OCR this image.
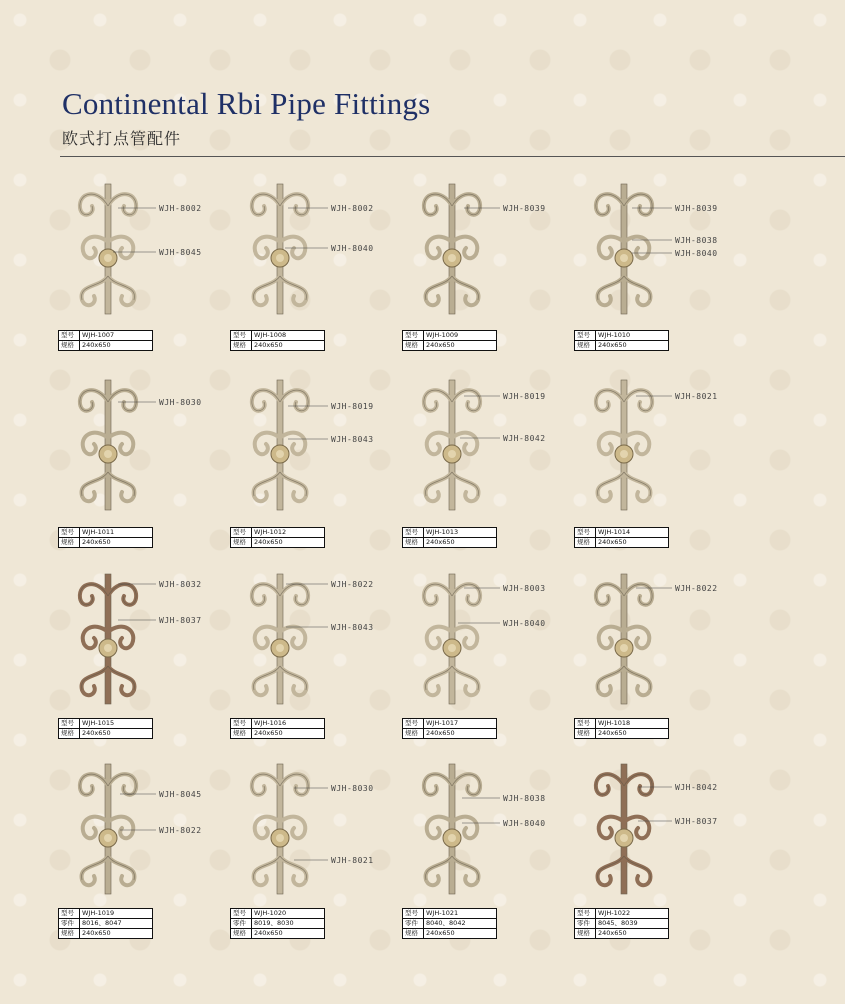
Continental Rbi Pipe Fittings
欧式打点管配件
WJH-8002
WJH-8045
型号	WJH-1007
规格	240x650
WJH-8002
WJH-8040
型号	WJH-1008
规格	240x650
WJH-8039
型号	WJH-1009
规格	240x650
WJH-8039
WJH-8038
WJH-8040
型号	WJH-1010
规格	240x650
WJH-8030
型号	WJH-1011
规格	240x650
WJH-8019
WJH-8043
型号	WJH-1012
规格	240x650
WJH-8019
WJH-8042
型号	WJH-1013
规格	240x650
WJH-8021
型号	WJH-1014
规格	240x650
WJH-8032
WJH-8037
型号	WJH-1015
规格	240x650
WJH-8022
WJH-8043
型号	WJH-1016
规格	240x650
WJH-8003
WJH-8040
型号	WJH-1017
规格	240x650
WJH-8022
型号	WJH-1018
规格	240x650
WJH-8045
WJH-8022
型号	WJH-1019
零件	8016、8047
规格	240x650
WJH-8030
WJH-8021
型号	WJH-1020
零件	8019、8030
规格	240x650
WJH-8038
WJH-8040
型号	WJH-1021
零件	8040、8042
规格	240x650
WJH-8042
WJH-8037
型号	WJH-1022
零件	8045、8039
规格	240x650
